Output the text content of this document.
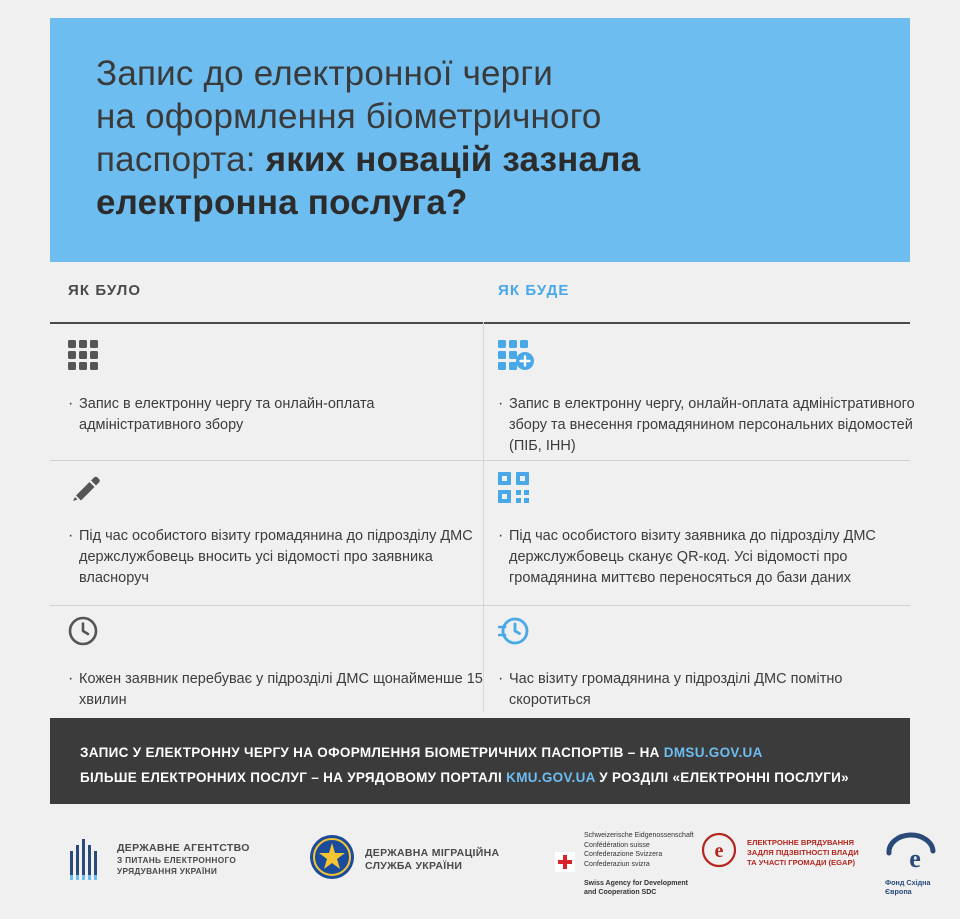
Запис до електронної черги
на оформлення біометричного
паспорта: яких новацій зазнала
електронна послуга?
ЯК БУЛО	ЯК БУДЕ
· Запис в електронну чергу та онлайн-оплата адміністративного збору
· Запис в електронну чергу, онлайн-оплата адміністративного збору та внесення громадянином персональних відомостей (ПІБ, ІНН)
· Під час особистого візиту громадянина до підрозділу ДМС держслужбовець вносить усі відомості про заявника власноруч
· Під час особистого візиту заявника до підрозділу ДМС держслужбовець сканує QR-код. Усі відомості про громадянина миттєво переносяться до бази даних
· Кожен заявник перебуває у підрозділі ДМС щонайменше 15 хвилин
· Час візиту громадянина у підрозділі ДМС помітно скоротиться

ЗАПИС У ЕЛЕКТРОННУ ЧЕРГУ НА ОФОРМЛЕННЯ БІОМЕТРИЧНИХ ПАСПОРТІВ – НА DMSU.GOV.UA

БІЛЬШЕ ЕЛЕКТРОННИХ ПОСЛУГ – НА УРЯДОВОМУ ПОРТАЛІ KMU.GOV.UA У РОЗДІЛІ «ЕЛЕКТРОННІ ПОСЛУГИ»

ДЕРЖАВНЕ АГЕНТСТВО
З ПИТАНЬ ЕЛЕКТРОННОГО
УРЯДУВАННЯ УКРАЇНИ
ДЕРЖАВНА МІГРАЦІЙНА
СЛУЖБА УКРАЇНИ
Schweizerische Eidgenossenschaft
Confédération suisse
Confederazione Svizzera
Confederaziun svizra

Swiss Agency for Development
and Cooperation SDC
e	ЕЛЕКТРОННЕ ВРЯДУВАННЯ
ЗАДЛЯ ПІДЗВІТНОСТІ ВЛАДИ
ТА УЧАСТІ ГРОМАДИ (EGAP) e
Фонд Східна Європа
